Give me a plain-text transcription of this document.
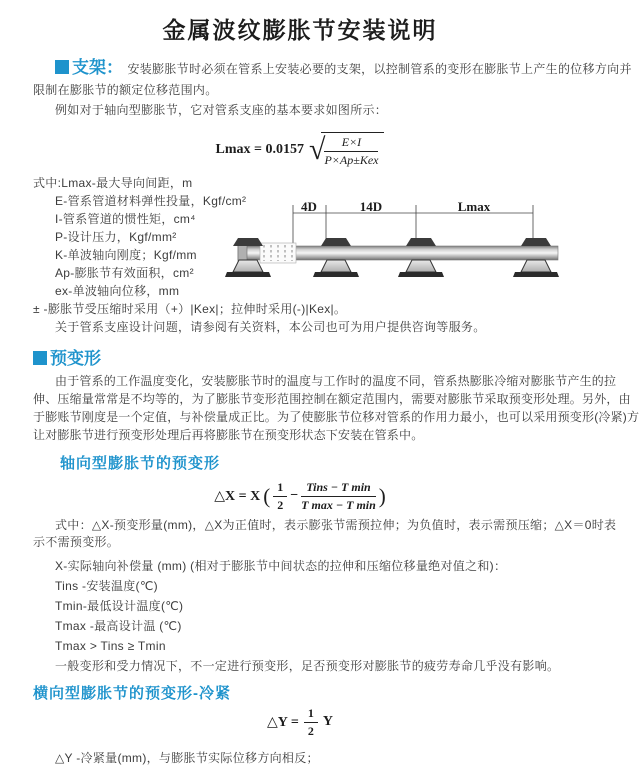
金属波纹膨胀节安装说明
支架： 安装膨胀节时必须在管系上安装必要的支架，以控制管系的变形在膨胀节上产生的位移方向并
限制在膨胀节的额定位移范围内。
例如对于轴向型膨胀节，它对管系支座的基本要求如图所示：
Lmax = 0.0157 √ $\frac{E\times I}{\text{P×Ap±Kex}}$
式中:Lmax-最大导向间距，m
E-管系管道材料弹性投量，Kgf/cm²
I-管系管道的惯性矩，cm⁴
P-设计压力，Kgf/mm²
K-单波轴向刚度；Kgf/mm
Ap-膨胀节有效面积，cm²
ex-单波轴向位移，mm
± -膨胀节受压缩时采用（+）|Kex|；拉伸时采用(-)|Kex|。
关于管系支座设计问题，请参阅有关资料，本公司也可为用户提供咨询等服务。
4D	14D	Lmax
预变形
由于管系的工作温度变化，安装膨胀节时的温度与工作时的温度不同，管系热膨胀冷缩对膨胀节产生的拉
伸、压缩量常常是不均等的，为了膨胀节变形范围控制在额定范围内，需要对膨胀节采取预变形处理。另外，由
于膨账节刚度是一个定值，与补偿量成正比。为了使膨胀节位移对管系的作用力最小，也可以采用预变形(冷紧)方
让对膨胀节进行预变形处理后再将膨胀节在预变形状态下安装在管系中。
轴向型膨胀节的预变形
△X = X ( $\frac{1}{2} - \frac{\text{Tins − T min}}{\text{T max − T min}}$ )
式中：△X-预变形量(mm)，△X为正值时，表示膨张节需预拉伸；为负值时，表示需预压缩；△X＝0时表
示不需预变形。
X-实际轴向补偿量 (mm) (相对于膨胀节中间状态的拉伸和压缩位移量绝对值之和)：
Tins -安装温度(℃)
Tmin-最低设计温度(℃)
Tmax -最高设计温 (℃)
Tmax > Tins ≥ Tmin
一般变形和受力情况下，不一定进行预变形，足否预变形对膨胀节的疲劳寿命几乎没有影响。
横向型膨胀节的预变形-冷紧
△Y = $\frac{1}{2}$ Y
△Y -冷紧量(mm)，与膨胀节实际位移方向相反；
